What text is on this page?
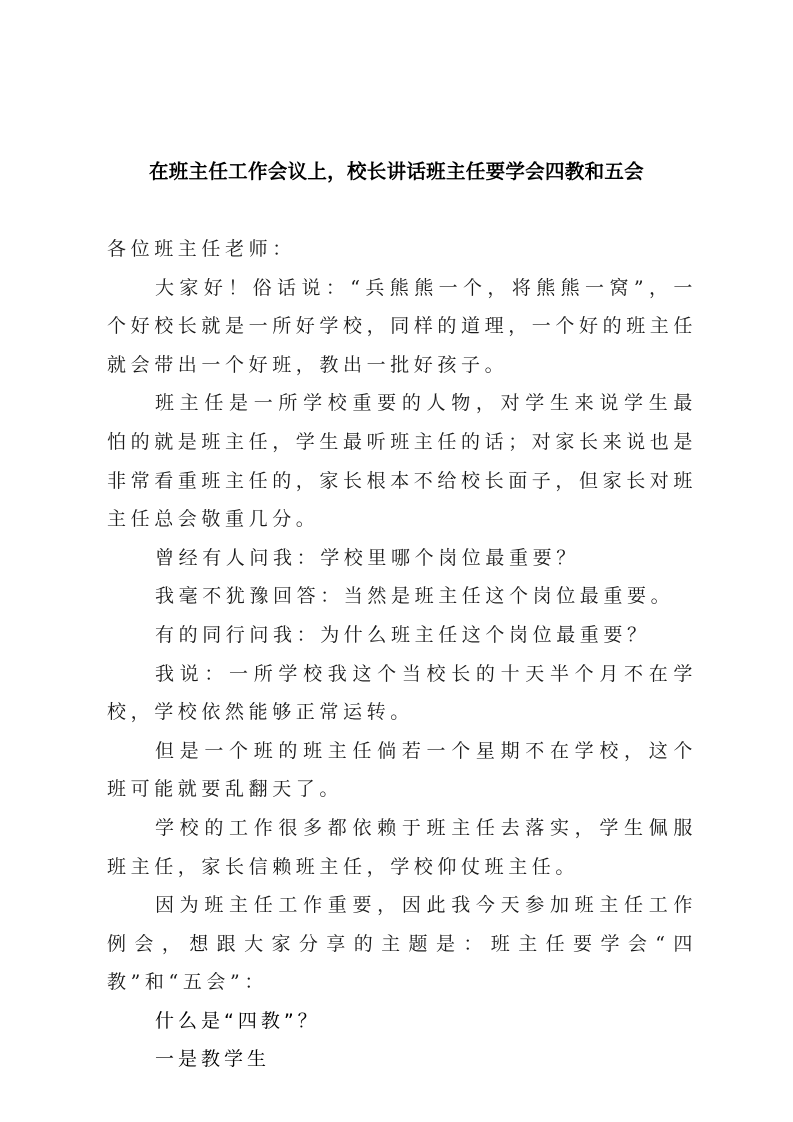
在班主任工作会议上，校长讲话班主任要学会四教和五会

各位班主任老师：

大家好！俗话说：“兵熊熊一个，将熊熊一窝”，一个好校长就是一所好学校，同样的道理，一个好的班主任就会带出一个好班，教出一批好孩子。

班主任是一所学校重要的人物，对学生来说学生最怕的就是班主任，学生最听班主任的话；对家长来说也是非常看重班主任的，家长根本不给校长面子，但家长对班主任总会敬重几分。

曾经有人问我：学校里哪个岗位最重要？

我毫不犹豫回答：当然是班主任这个岗位最重要。

有的同行问我：为什么班主任这个岗位最重要？

我说：一所学校我这个当校长的十天半个月不在学校，学校依然能够正常运转。

但是一个班的班主任倘若一个星期不在学校，这个班可能就要乱翻天了。

学校的工作很多都依赖于班主任去落实，学生佩服班主任，家长信赖班主任，学校仰仗班主任。

因为班主任工作重要，因此我今天参加班主任工作例会，想跟大家分享的主题是：班主任要学会“四教”和“五会”：

什么是“四教”？

一是教学生
